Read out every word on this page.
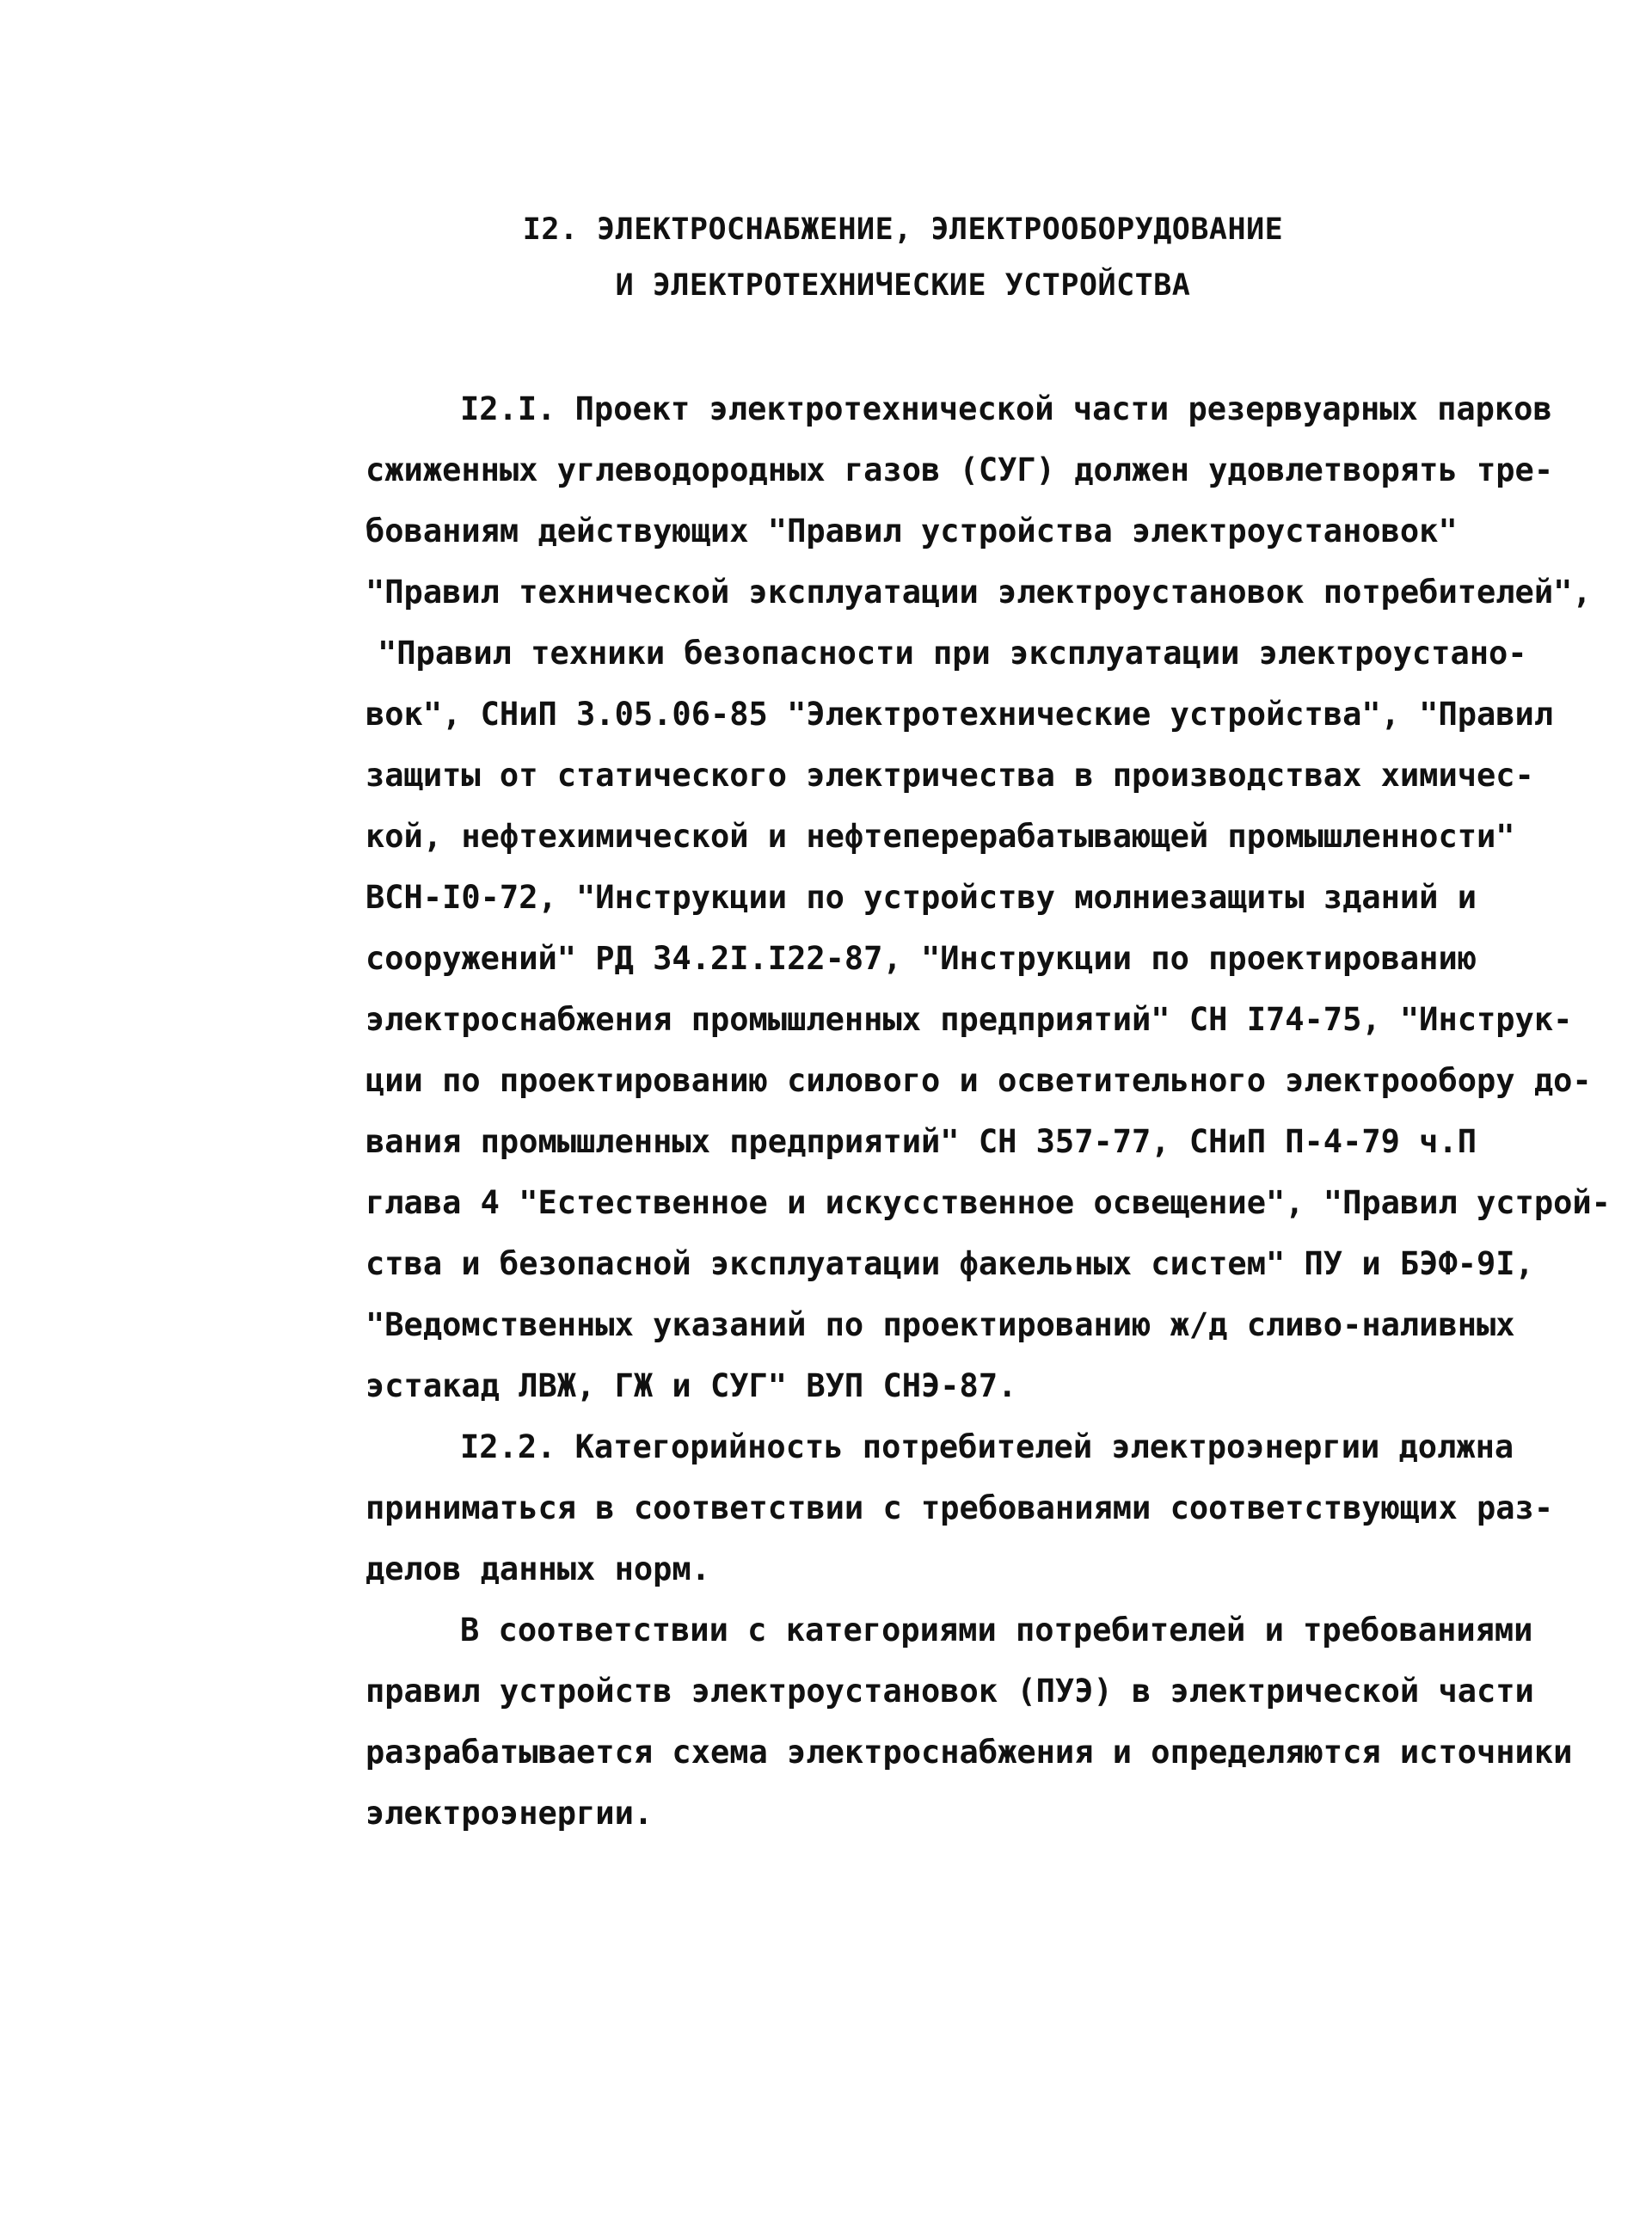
I2. ЭЛЕКТРОСНАБЖЕНИЕ, ЭЛЕКТРООБОРУДОВАНИЕ
И ЭЛЕКТРОТЕХНИЧЕСКИЕ УСТРОЙСТВА
I2.I. Проект электротехнической части резервуарных парков
сжиженных углеводородных газов (СУГ) должен удовлетворять тре-
бованиям действующих "Правил устройства электроустановок"
"Правил технической эксплуатации электроустановок потребителей",
"Правил техники безопасности при эксплуатации электроустано-
вок", СНиП 3.05.06-85 "Электротехнические устройства", "Правил
защиты от статического электричества в производствах химичес-
кой, нефтехимической и нефтеперерабатывающей промышленности"
ВСН-I0-72, "Инструкции по устройству молниезащиты зданий и
сооружений" РД 34.2I.I22-87, "Инструкции по проектированию
электроснабжения промышленных предприятий" СН I74-75, "Инструк-
ции по проектированию силового и осветительного электрообору до-
вания промышленных предприятий" СН 357-77, СНиП П-4-79 ч.П
глава 4 "Естественное и искусственное освещение", "Правил устрой-
ства и безопасной эксплуатации факельных систем" ПУ и БЭФ-9I,
"Ведомственных указаний по проектированию ж/д сливо-наливных
эстакад ЛВЖ, ГЖ и СУГ" ВУП СНЭ-87.
I2.2. Категорийность потребителей электроэнергии должна
приниматься в соответствии с требованиями соответствующих раз-
делов данных норм.
В соответствии с категориями потребителей и требованиями
правил устройств электроустановок (ПУЭ) в электрической части
разрабатывается схема электроснабжения и определяются источники
электроэнергии.
